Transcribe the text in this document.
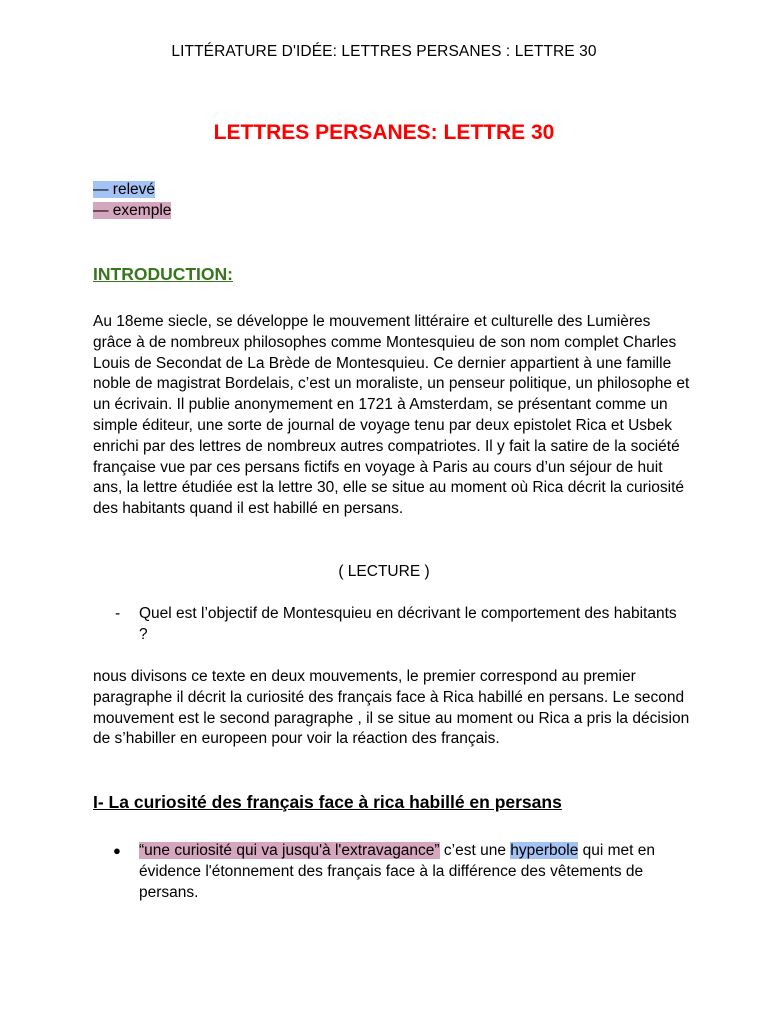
LITTÉRATURE D'IDÉE: LETTRES PERSANES : LETTRE 30
LETTRES PERSANES: LETTRE 30
— relevé
— exemple
INTRODUCTION:
Au 18eme siecle, se développe le mouvement littéraire et culturelle des Lumières grâce à de nombreux philosophes comme Montesquieu de son nom complet Charles Louis de Secondat de La Brède de Montesquieu. Ce dernier appartient à une famille noble de magistrat Bordelais, c’est un moraliste, un penseur politique, un philosophe et un écrivain. Il publie anonymement en 1721 à Amsterdam, se présentant comme un simple éditeur, une sorte de journal de voyage tenu par deux epistolet Rica et Usbek enrichi par des lettres de nombreux autres compatriotes. Il y fait la satire de la société française vue par ces persans fictifs en voyage à Paris au cours d’un séjour de huit ans, la lettre étudiée est la lettre 30, elle se situe au moment où Rica décrit la curiosité des habitants quand il est habillé en persans.
( LECTURE )
- Quel est l’objectif de Montesquieu en décrivant le comportement des habitants ?
nous divisons ce texte en deux mouvements, le premier correspond au premier paragraphe il décrit la curiosité des français face à Rica habillé en persans. Le second mouvement est le second paragraphe , il se situe au moment ou Rica a pris la décision de s’habiller en europeen pour voir la réaction des français.
I- La curiosité des français face à rica habillé en persans
● “une curiosité qui va jusqu'à l'extravagance” c’est une hyperbole qui met en évidence l'étonnement des français face à la différence des vêtements de persans.
